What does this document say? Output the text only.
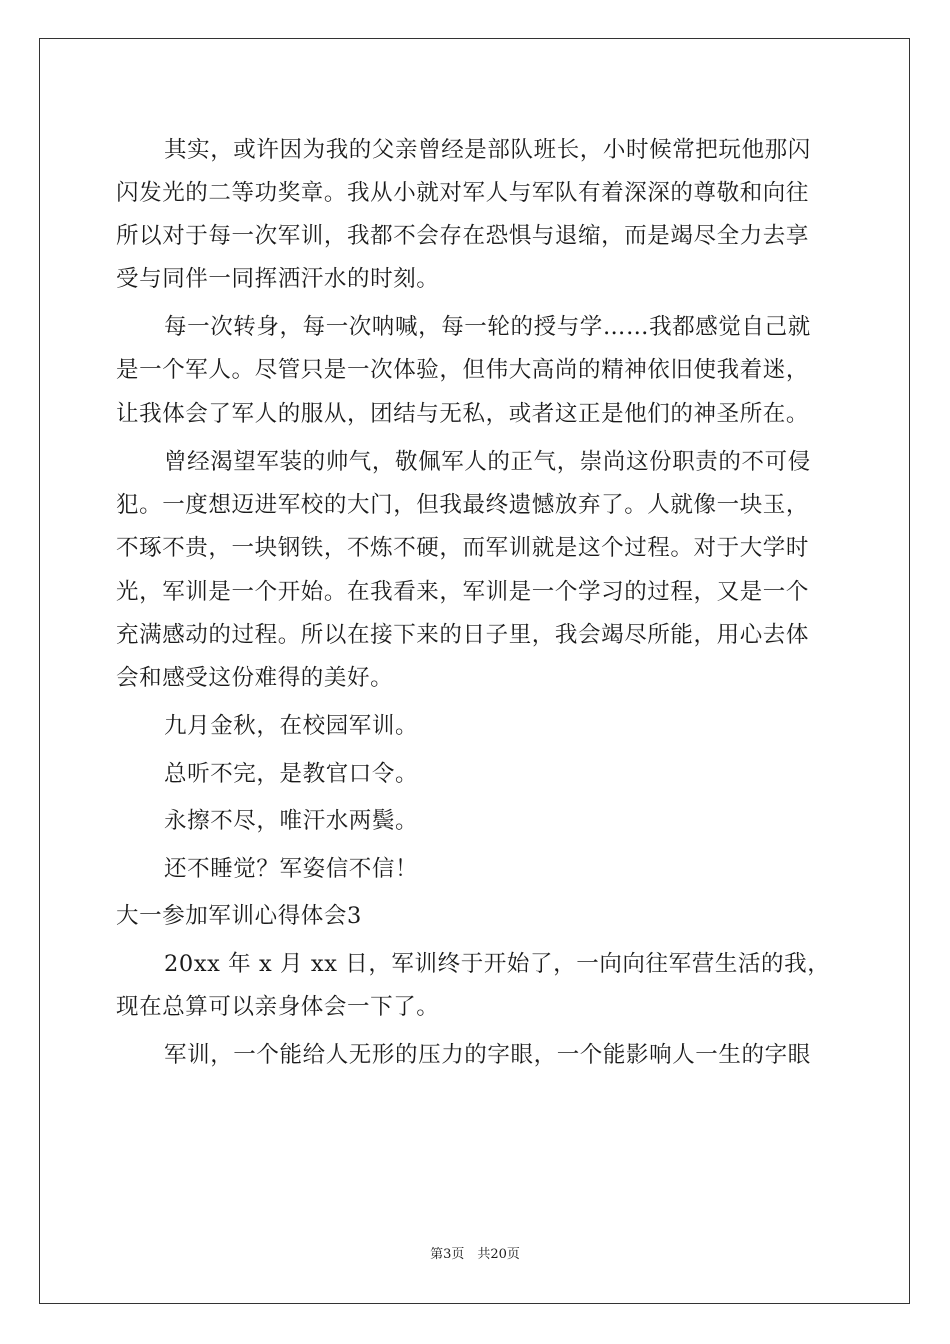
其实，或许因为我的父亲曾经是部队班长，小时候常把玩他那闪
闪发光的二等功奖章。我从小就对军人与军队有着深深的尊敬和向往
所以对于每一次军训，我都不会存在恐惧与退缩，而是竭尽全力去享
受与同伴一同挥洒汗水的时刻。
每一次转身，每一次呐喊，每一轮的授与学……我都感觉自己就
是一个军人。尽管只是一次体验，但伟大高尚的精神依旧使我着迷，
让我体会了军人的服从，团结与无私，或者这正是他们的神圣所在。
曾经渴望军装的帅气，敬佩军人的正气，崇尚这份职责的不可侵
犯。一度想迈进军校的大门，但我最终遗憾放弃了。人就像一块玉，
不琢不贵，一块钢铁，不炼不硬，而军训就是这个过程。对于大学时
光，军训是一个开始。在我看来，军训是一个学习的过程，又是一个
充满感动的过程。所以在接下来的日子里，我会竭尽所能，用心去体
会和感受这份难得的美好。
九月金秋，在校园军训。
总听不完，是教官口令。
永擦不尽，唯汗水两鬓。
还不睡觉？军姿信不信！
大一参加军训心得体会3
20xx 年 x 月 xx 日，军训终于开始了，一向向往军营生活的我，
现在总算可以亲身体会一下了。
军训，一个能给人无形的压力的字眼，一个能影响人一生的字眼
第3页　共20页
